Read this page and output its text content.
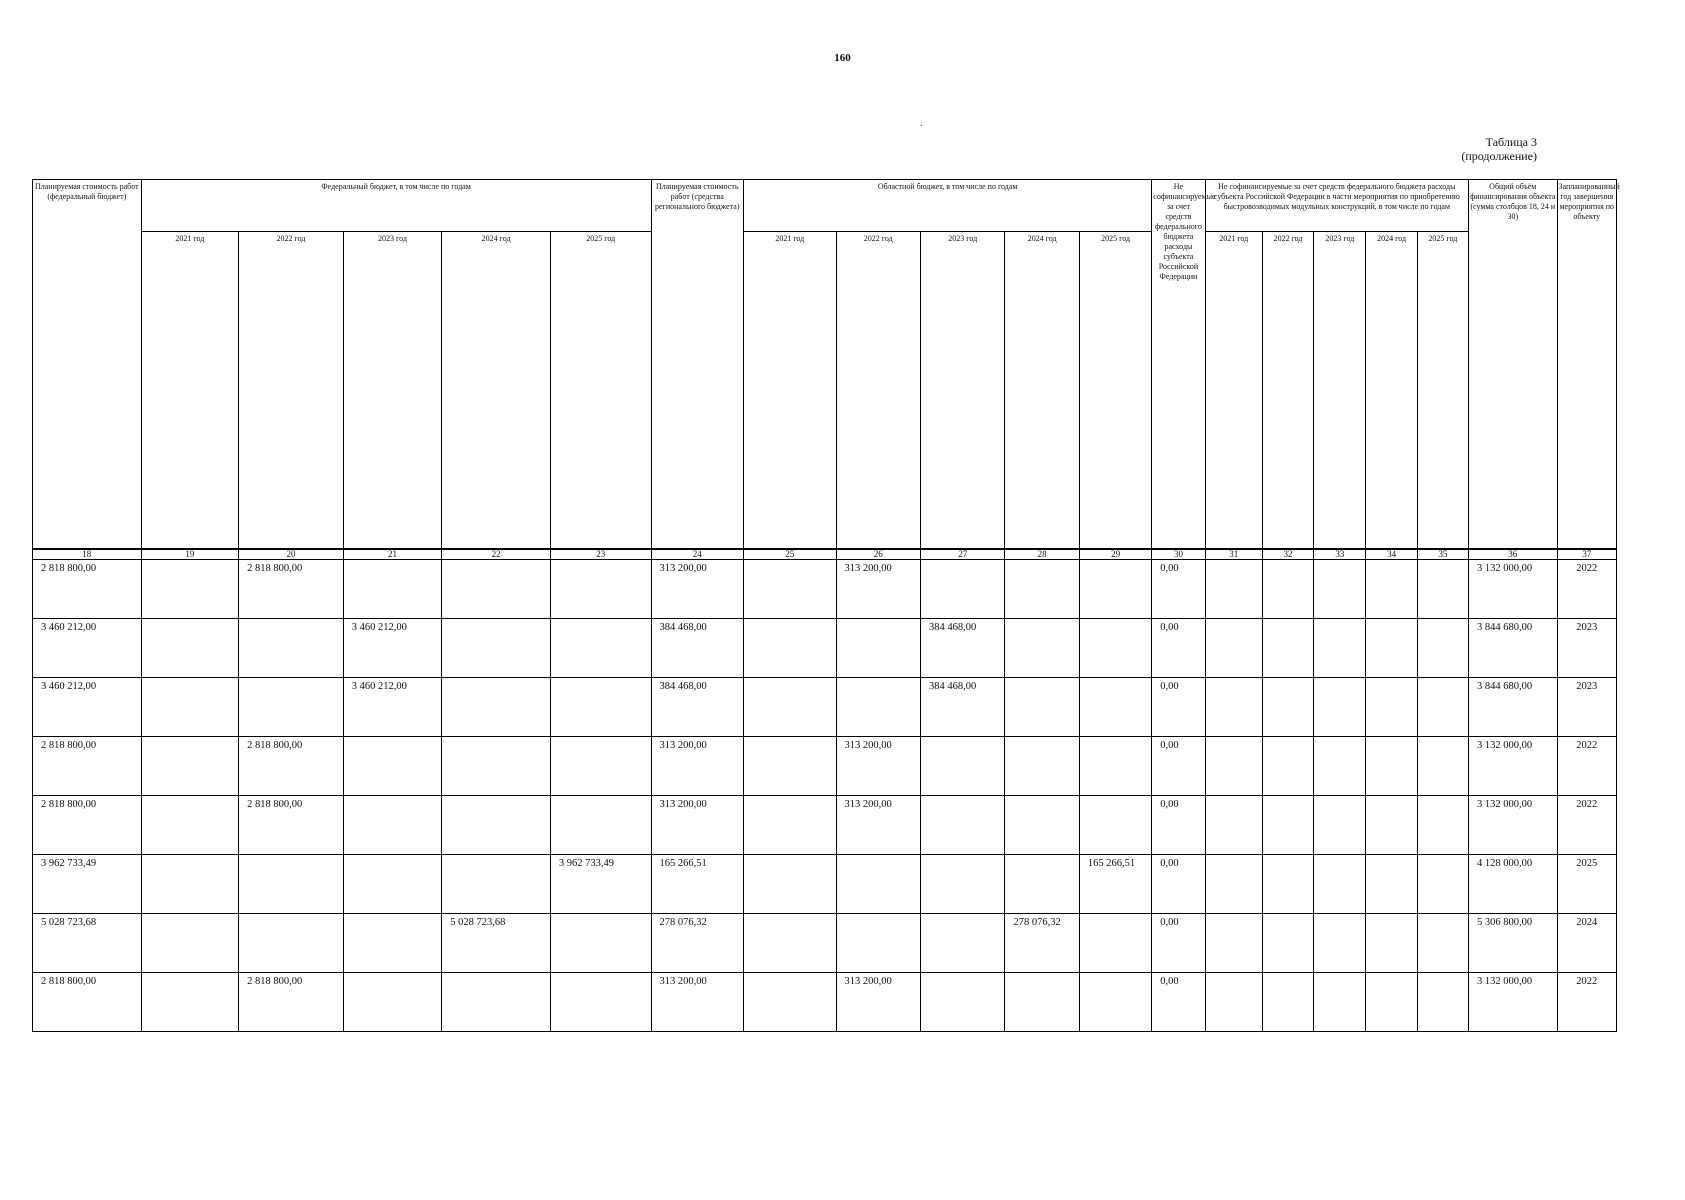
160
.
Таблица 3
(продолжение)
Планируемая стоимость работ (федеральный бюджет)	Федеральный бюджет, в том числе по годам					Планируемая стоимость работ (средства регионального бюджета)	Областной бюджет, в том числе по годам					Не софинансируемые за счет средств федерального бюджета расходы субъекта Российской Федерации	Не софинансируемые за счет средств федерального бюджета расходы субъекта Российской Федерации в части мероприятия по приобретению быстровозводимых модульных конструкций, в том числе по годам					Общий объём финансирования объекта (сумма столбцов 18, 24 и 30)	Запланированный год завершения мероприятия по объекту
	2021 год	2022 год	2023 год	2024 год	2025 год		2021 год	2022 год	2023 год	2024 год	2025 год		2021 год	2022 год	2023 год	2024 год	2025 год		
18	19	20	21	22	23	24	25	26	27	28	29	30	31	32	33	34	35	36	37
2 818 800,00		2 818 800,00				313 200,00		313 200,00				0,00						3 132 000,00	2022
3 460 212,00			3 460 212,00			384 468,00			384 468,00			0,00						3 844 680,00	2023
3 460 212,00			3 460 212,00			384 468,00			384 468,00			0,00						3 844 680,00	2023
2 818 800,00		2 818 800,00				313 200,00		313 200,00				0,00						3 132 000,00	2022
2 818 800,00		2 818 800,00				313 200,00		313 200,00				0,00						3 132 000,00	2022
3 962 733,49					3 962 733,49	165 266,51					165 266,51	0,00						4 128 000,00	2025
5 028 723,68				5 028 723,68		278 076,32				278 076,32		0,00						5 306 800,00	2024
2 818 800,00		2 818 800,00				313 200,00		313 200,00				0,00						3 132 000,00	2022
